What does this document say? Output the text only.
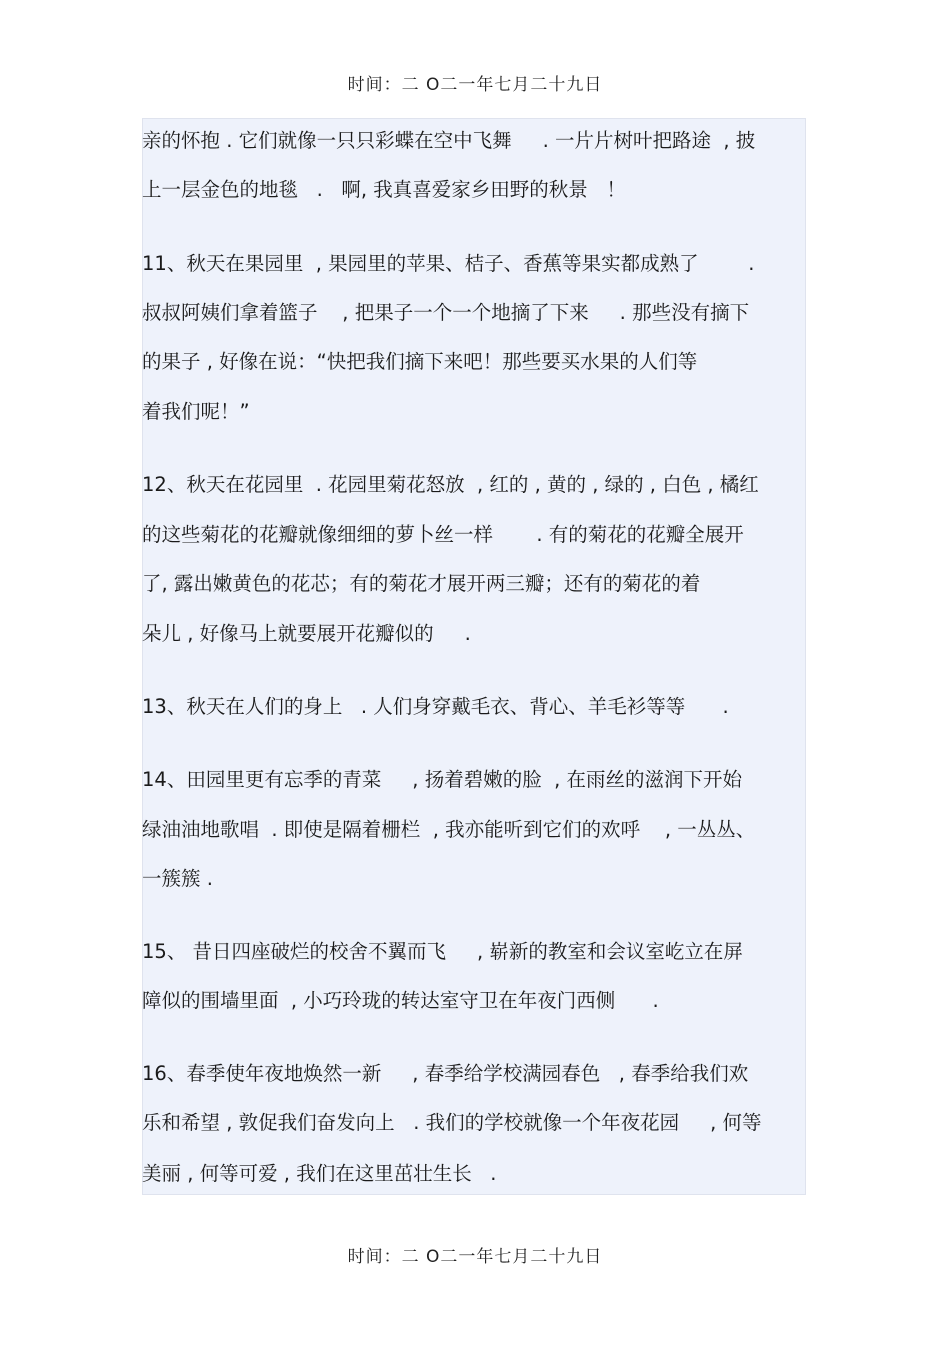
时间：二 O二一年七月二十九日
亲的怀抱 . 它们就像一只只彩蝶在空中飞舞     . 一片片树叶把路途  , 披
上一层金色的地毯   .   啊, 我真喜爱家乡田野的秋景   ！
11、秋天在果园里  , 果园里的苹果、桔子、香蕉等果实都成熟了        .
叔叔阿姨们拿着篮子    , 把果子一个一个地摘了下来     . 那些没有摘下
的果子 , 好像在说：“快把我们摘下来吧！那些要买水果的人们等
着我们呢！”
12、秋天在花园里  . 花园里菊花怒放  , 红的 , 黄的 , 绿的 , 白色 , 橘红
的这些菊花的花瓣就像细细的萝卜丝一样       . 有的菊花的花瓣全展开
了, 露出嫩黄色的花芯；有的菊花才展开两三瓣；还有的菊花的着
朵儿 , 好像马上就要展开花瓣似的     .
13、秋天在人们的身上   . 人们身穿戴毛衣、背心、羊毛衫等等      .
14、田园里更有忘季的青菜     , 扬着碧嫩的脸  , 在雨丝的滋润下开始
绿油油地歌唱  . 即使是隔着栅栏  , 我亦能听到它们的欢呼    , 一丛丛、
一簇簇 .
15、 昔日四座破烂的校舍不翼而飞     , 崭新的教室和会议室屹立在屏
障似的围墙里面  , 小巧玲珑的转达室守卫在年夜门西侧      .
16、春季使年夜地焕然一新     , 春季给学校满园春色   , 春季给我们欢
乐和希望 , 敦促我们奋发向上   . 我们的学校就像一个年夜花园     , 何等
美丽 , 何等可爱 , 我们在这里茁壮生长   .
时间：二 O二一年七月二十九日
